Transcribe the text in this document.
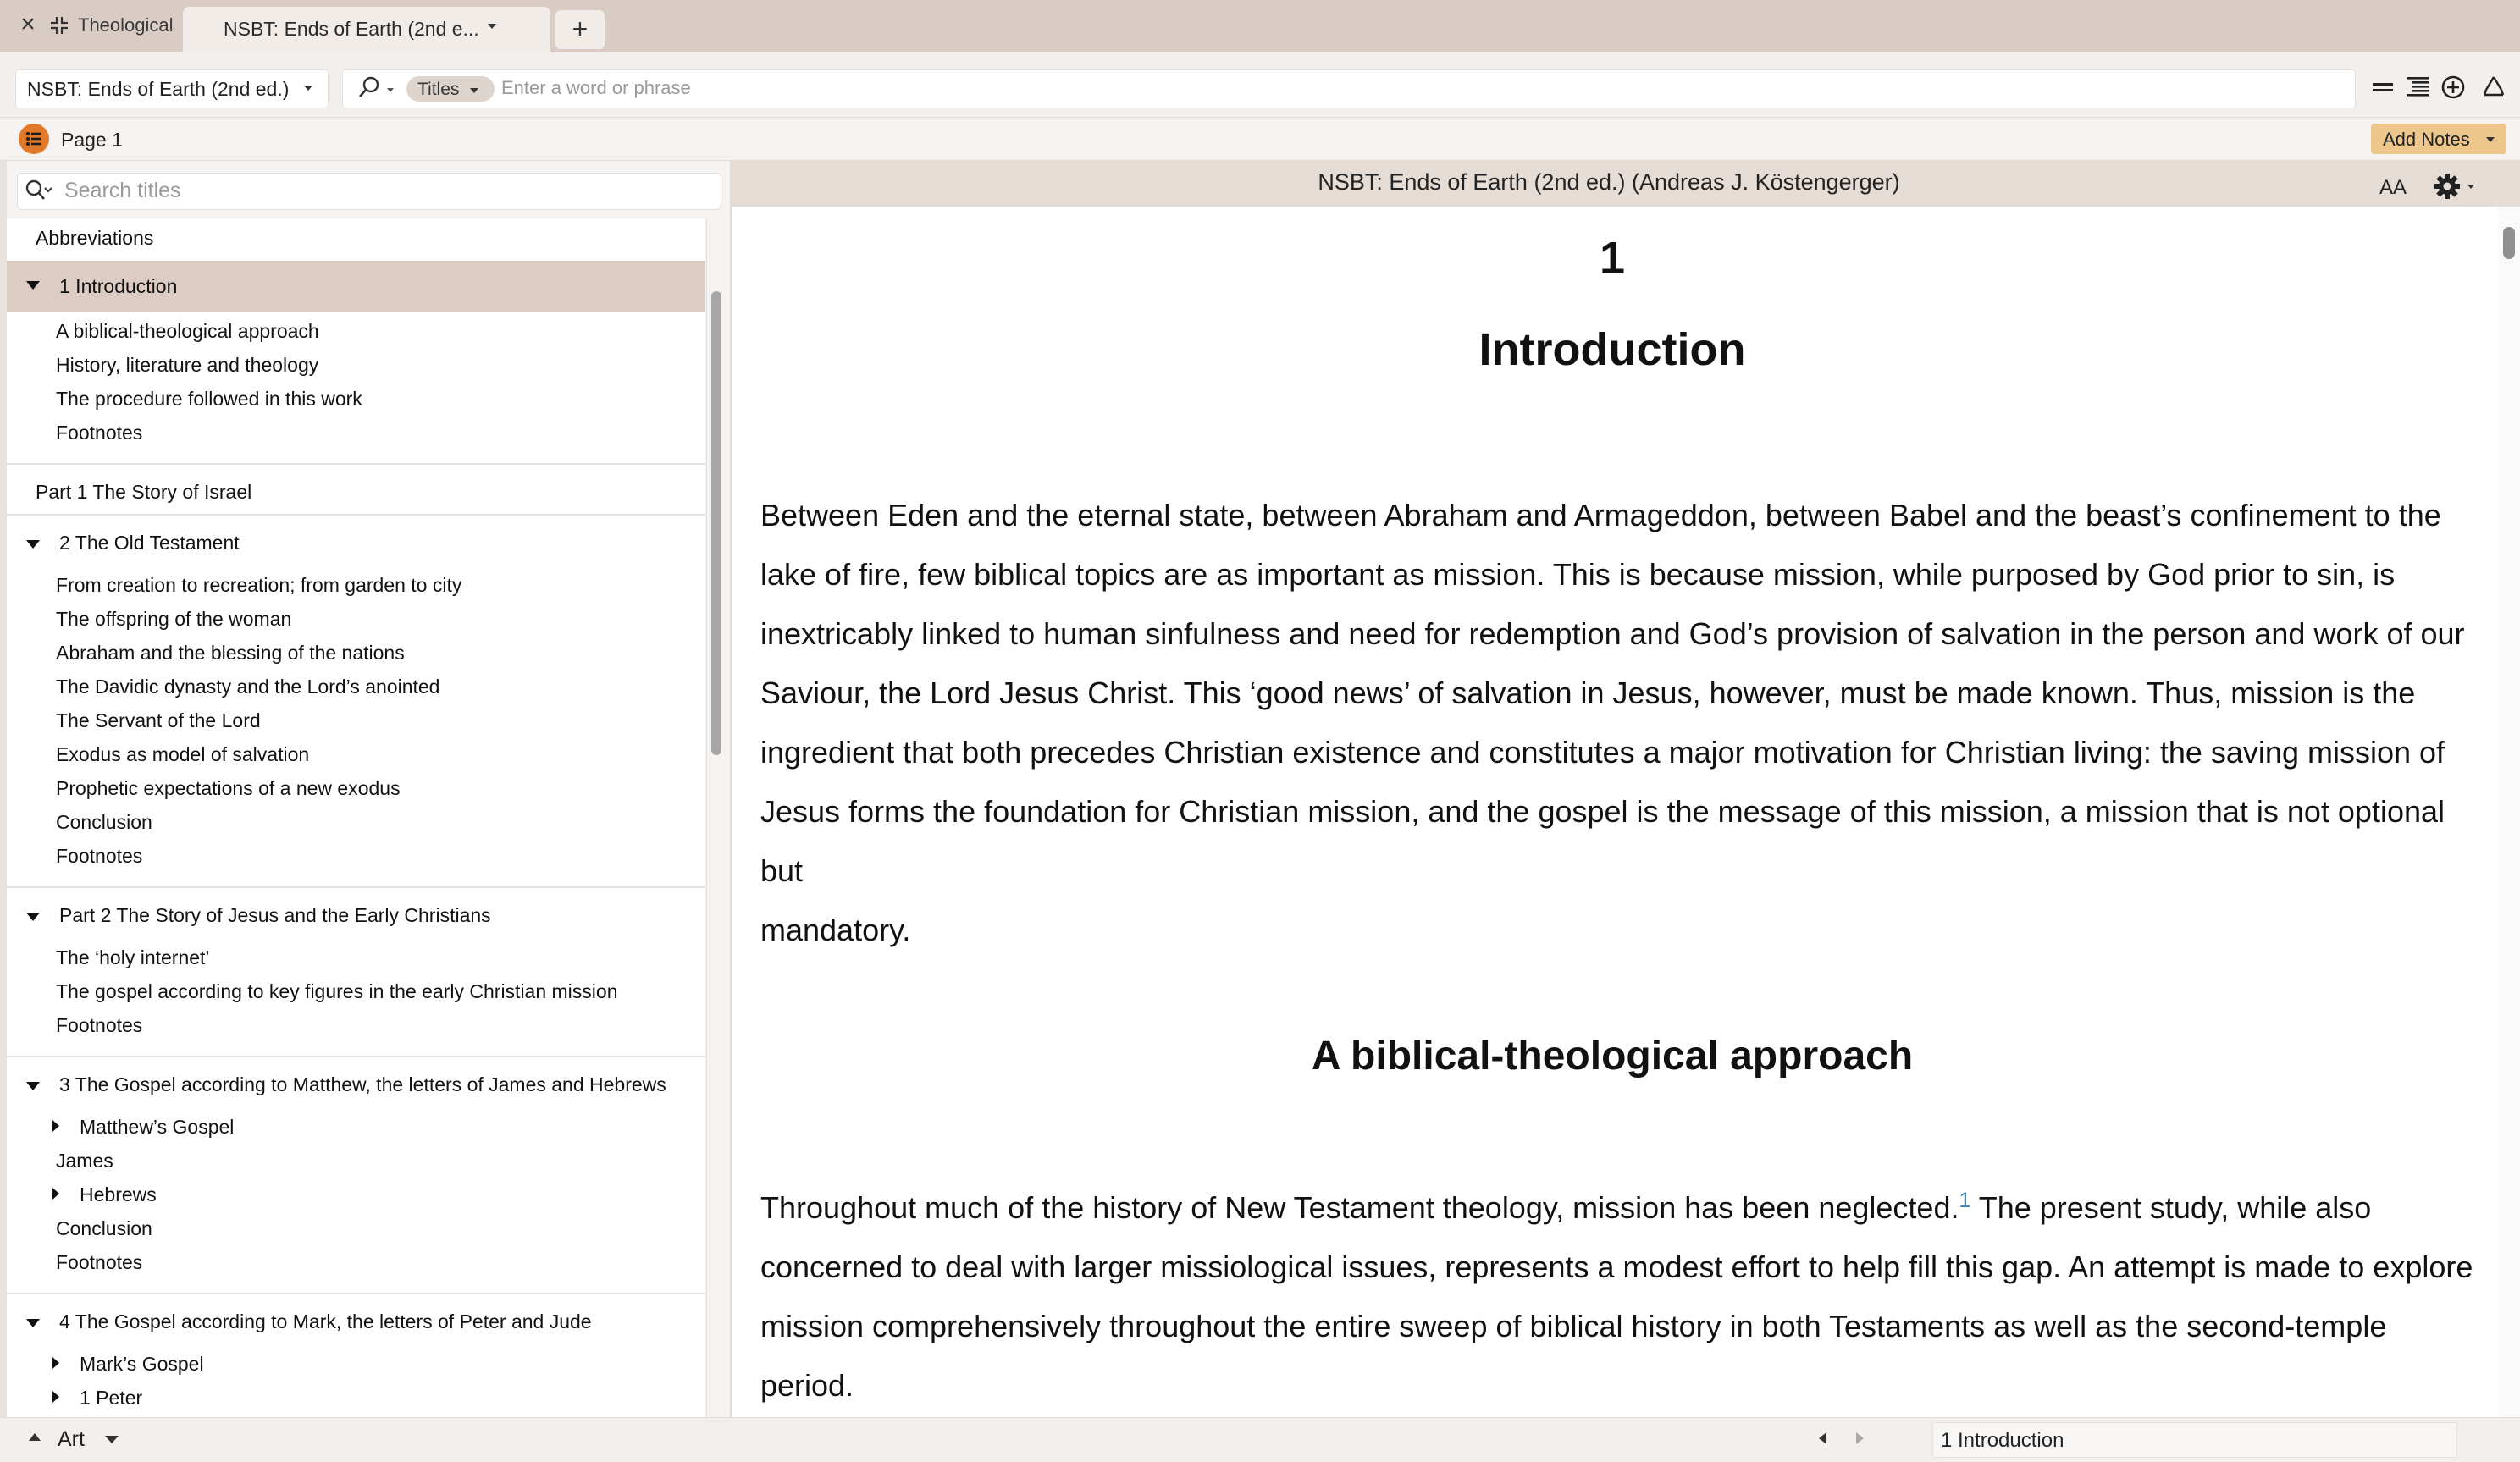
× Theological	NSBT: Ends of Earth (2nd e...	+
NSBT: Ends of Earth (2nd ed.)	Titles
Enter a word or phrase
Page 1	Add Notes
Search titles
Abbreviations
1 Introduction
A biblical-theological approach
History, literature and theology
The procedure followed in this work
Footnotes
Part 1 The Story of Israel
2 The Old Testament
From creation to recreation; from garden to city
The offspring of the woman
Abraham and the blessing of the nations
The Davidic dynasty and the Lord’s anointed
The Servant of the Lord
Exodus as model of salvation
Prophetic expectations of a new exodus
Conclusion
Footnotes
Part 2 The Story of Jesus and the Early Christians
The ‘holy internet’
The gospel according to key figures in the early Christian mission
Footnotes
3 The Gospel according to Matthew, the letters of James and Hebrews
Matthew’s Gospel
James
Hebrews
Conclusion
Footnotes
4 The Gospel according to Mark, the letters of Peter and Jude
Mark’s Gospel
1 Peter
NSBT: Ends of Earth (2nd ed.) (Andreas J. Köstengerger)	AA
1
Introduction
Between Eden and the eternal state, between Abraham and Armageddon, between Babel and the beast’s confinement to the
lake of fire, few biblical topics are as important as mission. This is because mission, while purposed by God prior to sin, is
inextricably linked to human sinfulness and need for redemption and God’s provision of salvation in the person and work of our
Saviour, the Lord Jesus Christ. This ‘good news’ of salvation in Jesus, however, must be made known. Thus, mission is the
ingredient that both precedes Christian existence and constitutes a major motivation for Christian living: the saving mission of
Jesus forms the foundation for Christian mission, and the gospel is the message of this mission, a mission that is not optional but
mandatory.
A biblical-theological approach
Throughout much of the history of New Testament theology, mission has been neglected.$^1$ The present study, while also
concerned to deal with larger missiological issues, represents a modest effort to help fill this gap. An attempt is made to explore
mission comprehensively throughout the entire sweep of biblical history in both Testaments as well as the second-temple period.
Art	1 Introduction
